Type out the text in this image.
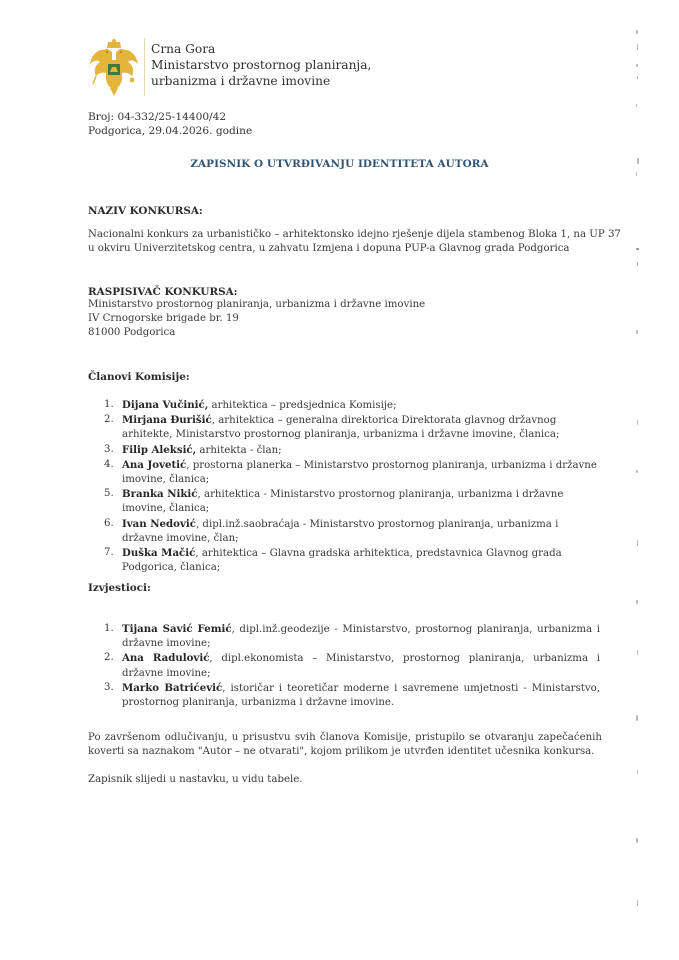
Crna Gora
Ministarstvo prostornog planiranja,
urbanizma i državne imovine
Broj: 04-332/25-14400/42
Podgorica, 29.04.2026. godine
ZAPISNIK O UTVRĐIVANJU IDENTITETA AUTORA
NAZIV KONKURSA:
Nacionalni konkurs za urbanističko – arhitektonsko idejno rješenje dijela stambenog Bloka 1, na UP 37
u okviru Univerzitetskog centra, u zahvatu Izmjena i dopuna PUP-a Glavnog grada Podgorica
RASPISIVAČ KONKURSA:
Ministarstvo prostornog planiranja, urbanizma i državne imovine
IV Crnogorske brigade br. 19
81000 Podgorica
Članovi Komisije:
1. Dijana Vučinić, arhitektica – predsjednica Komisije;
2. Mirjana Đurišić, arhitektica – generalna direktorica Direktorata glavnog državnog arhitekte, Ministarstvo prostornog planiranja, urbanizma i državne imovine, članica;
3. Filip Aleksić, arhitekta - član;
4. Ana Jovetić, prostorna planerka – Ministarstvo prostornog planiranja, urbanizma i državne imovine, članica;
5. Branka Nikić, arhitektica - Ministarstvo prostornog planiranja, urbanizma i državne imovine, članica;
6. Ivan Nedović, dipl.inž.saobraćaja - Ministarstvo prostornog planiranja, urbanizma i državne imovine, član;
7. Duška Mačić, arhitektica – Glavna gradska arhitektica, predstavnica Glavnog grada Podgorica, članica;
Izvjestioci:
1. Tijana Savić Femić, dipl.inž.geodezije - Ministarstvo, prostornog planiranja, urbanizma i državne imovine;
2. Ana Radulović, dipl.ekonomista – Ministarstvo, prostornog planiranja, urbanizma i državne imovine;
3. Marko Batrićević, istoričar i teoretičar moderne i savremene umjetnosti - Ministarstvo, prostornog planiranja, urbanizma i državne imovine.
Po završenom odlučivanju, u prisustvu svih članova Komisije, pristupilo se otvaranju zapečaćenih koverti sa naznakom "Autor – ne otvarati", kojom prilikom je utvrđen identitet učesnika konkursa.
Zapisnik slijedi u nastavku, u vidu tabele.
